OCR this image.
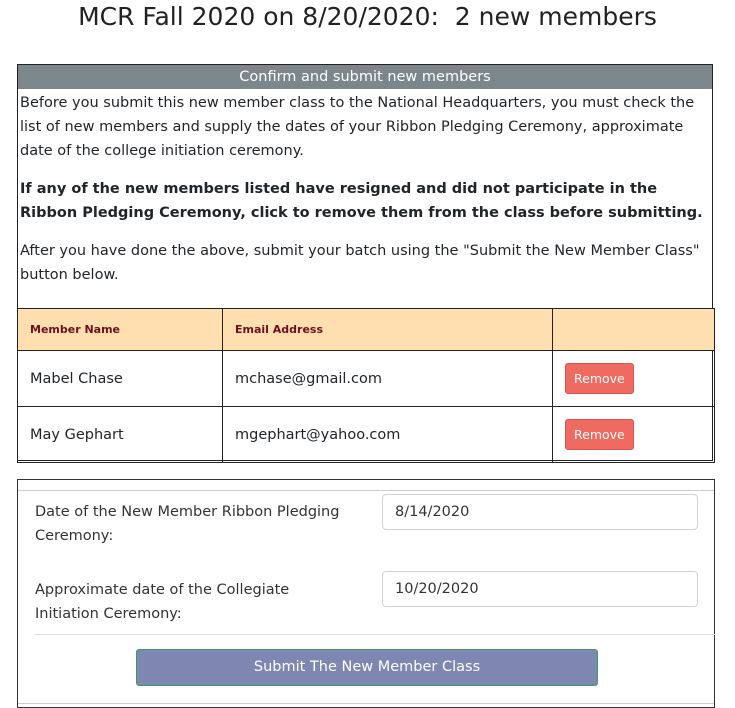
MCR Fall 2020 on 8/20/2020:  2 new members
Confirm and submit new members

Before you submit this new member class to the National Headquarters, you must check the list of new members and supply the dates of your Ribbon Pledging Ceremony, approximate date of the college initiation ceremony.

If any of the new members listed have resigned and did not participate in the Ribbon Pledging Ceremony, click to remove them from the class before submitting.

After you have done the above, submit your batch using the "Submit the New Member Class" button below.

Member Name	Email Address	
Mabel Chase	mchase@gmail.com	Remove
May Gephart	mgephart@yahoo.com	Remove
Date of the New Member Ribbon Pledging Ceremony:
8/14/2020
Approximate date of the Collegiate Initiation Ceremony:
10/20/2020
Submit The New Member Class
